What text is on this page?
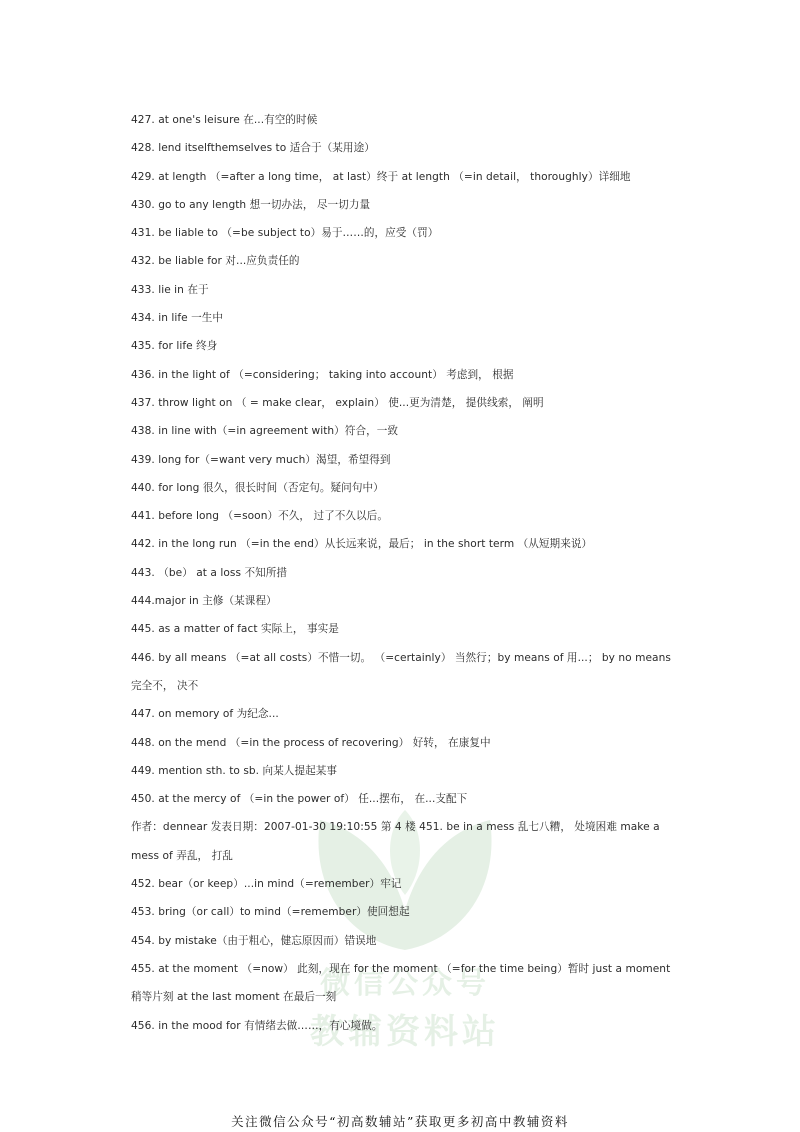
微信公众号
教辅资料站
427. at one's leisure 在...有空的时候
428. lend itselfthemselves to 适合于（某用途）
429. at length （=after a long time， at last）终于 at length （=in detail， thoroughly）详细地
430. go to any length 想一切办法， 尽一切力量
431. be liable to （=be subject to）易于……的，应受（罚）
432. be liable for 对...应负责任的
433. lie in 在于
434. in life 一生中
435. for life 终身
436. in the light of （=considering； taking into account） 考虑到， 根据
437. throw light on （ = make clear， explain） 使...更为清楚， 提供线索， 阐明
438. in line with（=in agreement with）符合，一致
439. long for（=want very much）渴望，希望得到
440. for long 很久，很长时间（否定句。疑问句中）
441. before long （=soon）不久， 过了不久以后。
442. in the long run （=in the end）从长远来说，最后； in the short term （从短期来说）
443. （be） at a loss 不知所措
444.major in 主修（某课程）
445. as a matter of fact 实际上， 事实是
446. by all means （=at all costs）不惜一切。 （=certainly） 当然行；by means of 用...； by no means 完全不， 决不
447. on memory of 为纪念...
448. on the mend （=in the process of recovering） 好转， 在康复中
449. mention sth. to sb. 向某人提起某事
450. at the mercy of （=in the power of） 任...摆布， 在...支配下
作者：dennear 发表日期：2007-01-30 19:10:55 第 4 楼 451. be in a mess 乱七八糟， 处境困难 make a mess of 弄乱， 打乱
452. bear（or keep）...in mind（=remember）牢记
453. bring（or call）to mind（=remember）使回想起
454. by mistake（由于粗心，健忘原因而）错误地
455. at the moment （=now） 此刻，现在 for the moment （=for the time being）暂时 just a moment 稍等片刻 at the last moment 在最后一刻
456. in the mood for 有情绪去做……，有心境做。
关注微信公众号“初高数辅站”获取更多初高中教辅资料
